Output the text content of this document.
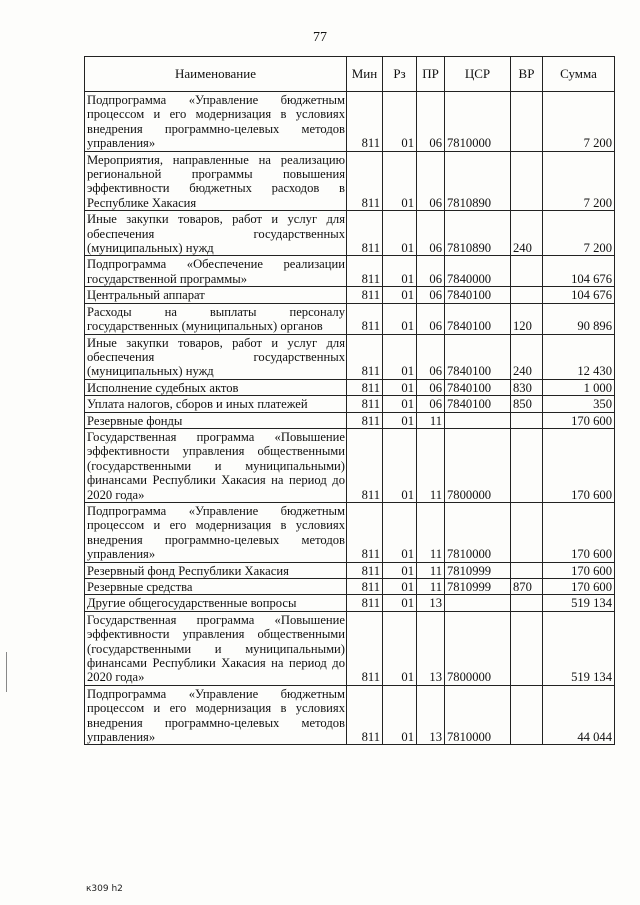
77
Наименование	Мин	Рз	ПР	ЦСР	ВР	Сумма
Подпрограмма «Управление бюджетным процессом и его модернизация в условиях внедрения программно-целевых методов управления»	811	01	06	7810000		7 200
Мероприятия, направленные на реализацию региональной программы повышения эффективности бюджетных расходов в Республике Хакасия	811	01	06	7810890		7 200
Иные закупки товаров, работ и услуг для обеспечения государственных (муниципальных) нужд	811	01	06	7810890	240	7 200
Подпрограмма «Обеспечение реализации государственной программы»	811	01	06	7840000		104 676
Центральный аппарат	811	01	06	7840100		104 676
Расходы на выплаты персоналу государственных (муниципальных) органов	811	01	06	7840100	120	90 896
Иные закупки товаров, работ и услуг для обеспечения государственных (муниципальных) нужд	811	01	06	7840100	240	12 430
Исполнение судебных актов	811	01	06	7840100	830	1 000
Уплата налогов, сборов и иных платежей	811	01	06	7840100	850	350
Резервные фонды	811	01	11			170 600
Государственная программа «Повышение эффективности управления общественными (государственными и муниципальными) финансами Республики Хакасия на период до 2020 года»	811	01	11	7800000		170 600
Подпрограмма «Управление бюджетным процессом и его модернизация в условиях внедрения программно-целевых методов управления»	811	01	11	7810000		170 600
Резервный фонд Республики Хакасия	811	01	11	7810999		170 600
Резервные средства	811	01	11	7810999	870	170 600
Другие общегосударственные вопросы	811	01	13			519 134
Государственная программа «Повышение эффективности управления общественными (государственными и муниципальными) финансами Республики Хакасия на период до 2020 года»	811	01	13	7800000		519 134
Подпрограмма «Управление бюджетным процессом и его модернизация в условиях внедрения программно-целевых методов управления»	811	01	13	7810000		44 044
к309 h2
